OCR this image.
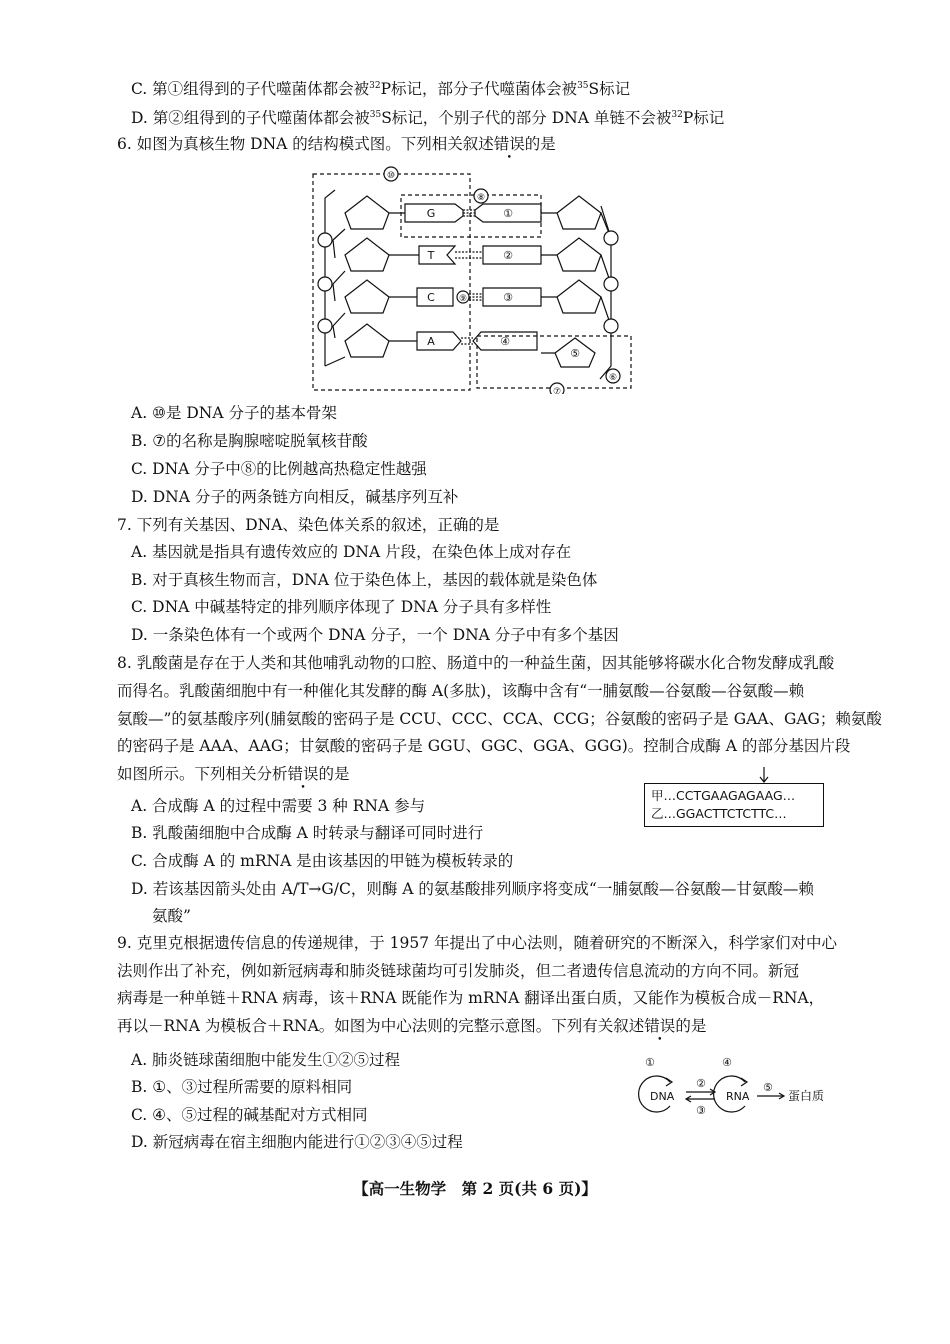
C. 第①组得到的子代噬菌体都会被$^{32}$P标记，部分子代噬菌体会被$^{35}$S标记
D. 第②组得到的子代噬菌体都会被$^{35}$S标记，个别子代的部分 DNA 单链不会被$^{32}$P标记
6. 如图为真核生物 DNA 的结构模式图。下列相关叙述错误的是
G
T
C
A
①
②
③
④
⑤
⑥
⑦
⑧
⑨
⑩
A. ⑩是 DNA 分子的基本骨架
B. ⑦的名称是胸腺嘧啶脱氧核苷酸
C. DNA 分子中⑧的比例越高热稳定性越强
D. DNA 分子的两条链方向相反，碱基序列互补
7. 下列有关基因、DNA、染色体关系的叙述，正确的是
A. 基因就是指具有遗传效应的 DNA 片段，在染色体上成对存在
B. 对于真核生物而言，DNA 位于染色体上，基因的载体就是染色体
C. DNA 中碱基特定的排列顺序体现了 DNA 分子具有多样性
D. 一条染色体有一个或两个 DNA 分子，一个 DNA 分子中有多个基因
8. 乳酸菌是存在于人类和其他哺乳动物的口腔、肠道中的一种益生菌，因其能够将碳水化合物发酵成乳酸
而得名。乳酸菌细胞中有一种催化其发酵的酶 A(多肽)，该酶中含有“一脯氨酸—谷氨酸—谷氨酸—赖
氨酸—”的氨基酸序列(脯氨酸的密码子是 CCU、CCC、CCA、CCG；谷氨酸的密码子是 GAA、GAG；赖氨酸
的密码子是 AAA、AAG；甘氨酸的密码子是 GGU、GGC、GGA、GGG)。控制合成酶 A 的部分基因片段
如图所示。下列相关分析错误的是
甲…CCTGAAGAGAAG…
乙…GGACTTCTCTTC…
A. 合成酶 A 的过程中需要 3 种 RNA 参与
B. 乳酸菌细胞中合成酶 A 时转录与翻译可同时进行
C. 合成酶 A 的 mRNA 是由该基因的甲链为模板转录的
D. 若该基因箭头处由 A/T→G/C，则酶 A 的氨基酸排列顺序将变成“一脯氨酸—谷氨酸—甘氨酸—赖
氨酸”
9. 克里克根据遗传信息的传递规律，于 1957 年提出了中心法则，随着研究的不断深入，科学家们对中心
法则作出了补充，例如新冠病毒和肺炎链球菌均可引发肺炎，但二者遗传信息流动的方向不同。新冠
病毒是一种单链＋RNA 病毒，该＋RNA 既能作为 mRNA 翻译出蛋白质，又能作为模板合成－RNA，
再以－RNA 为模板合＋RNA。如图为中心法则的完整示意图。下列有关叙述错误的是
DNA	RNA	蛋白质
①
②
③
④
⑤
A. 肺炎链球菌细胞中能发生①②⑤过程
B. ①、③过程所需要的原料相同
C. ④、⑤过程的碱基配对方式相同
D. 新冠病毒在宿主细胞内能进行①②③④⑤过程
【高一生物学　第 2 页(共 6 页)】
